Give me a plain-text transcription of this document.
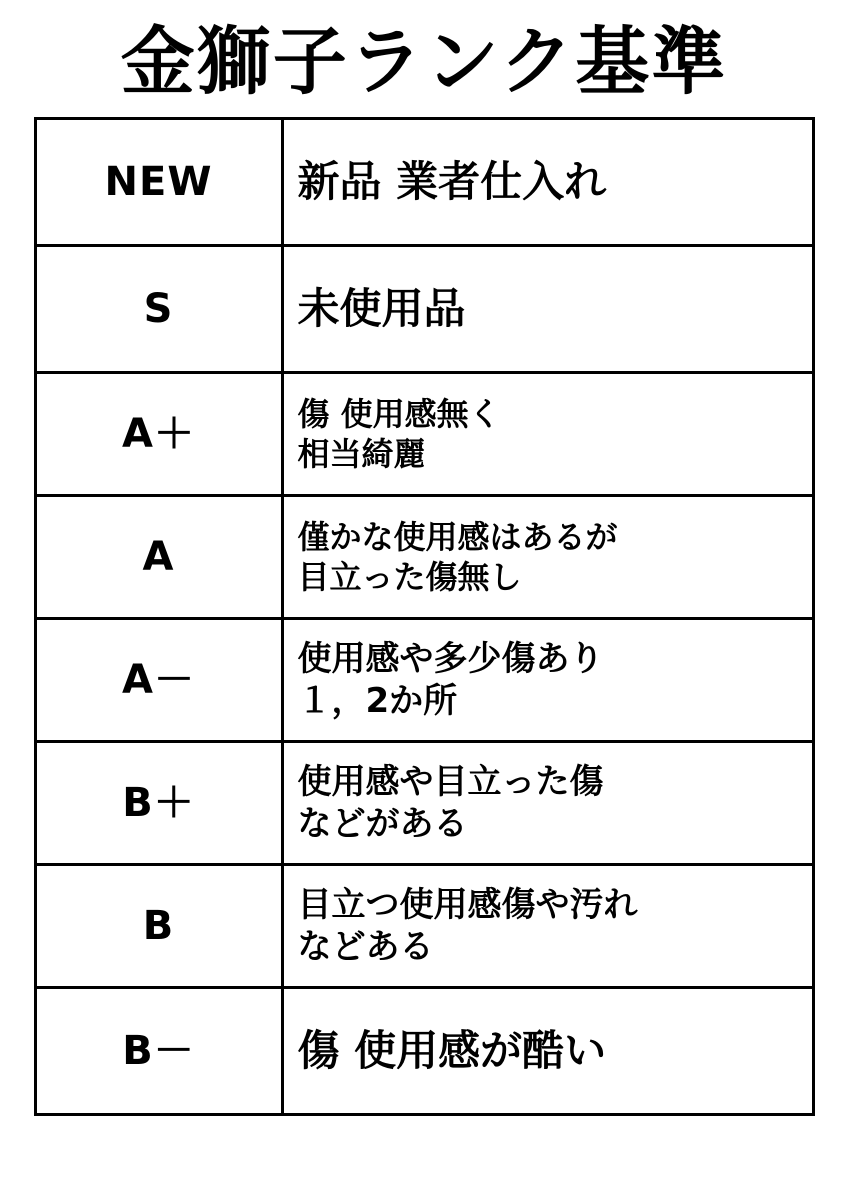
金獅子ランク基準
NEW	新品 業者仕入れ

S	未使用品

A＋	傷 使用感無く
相当綺麗

A	僅かな使用感はあるが
目立った傷無し

A－	使用感や多少傷あり
１，2か所

B＋	使用感や目立った傷
などがある

B	目立つ使用感傷や汚れ
などある

B－	傷 使用感が酷い
